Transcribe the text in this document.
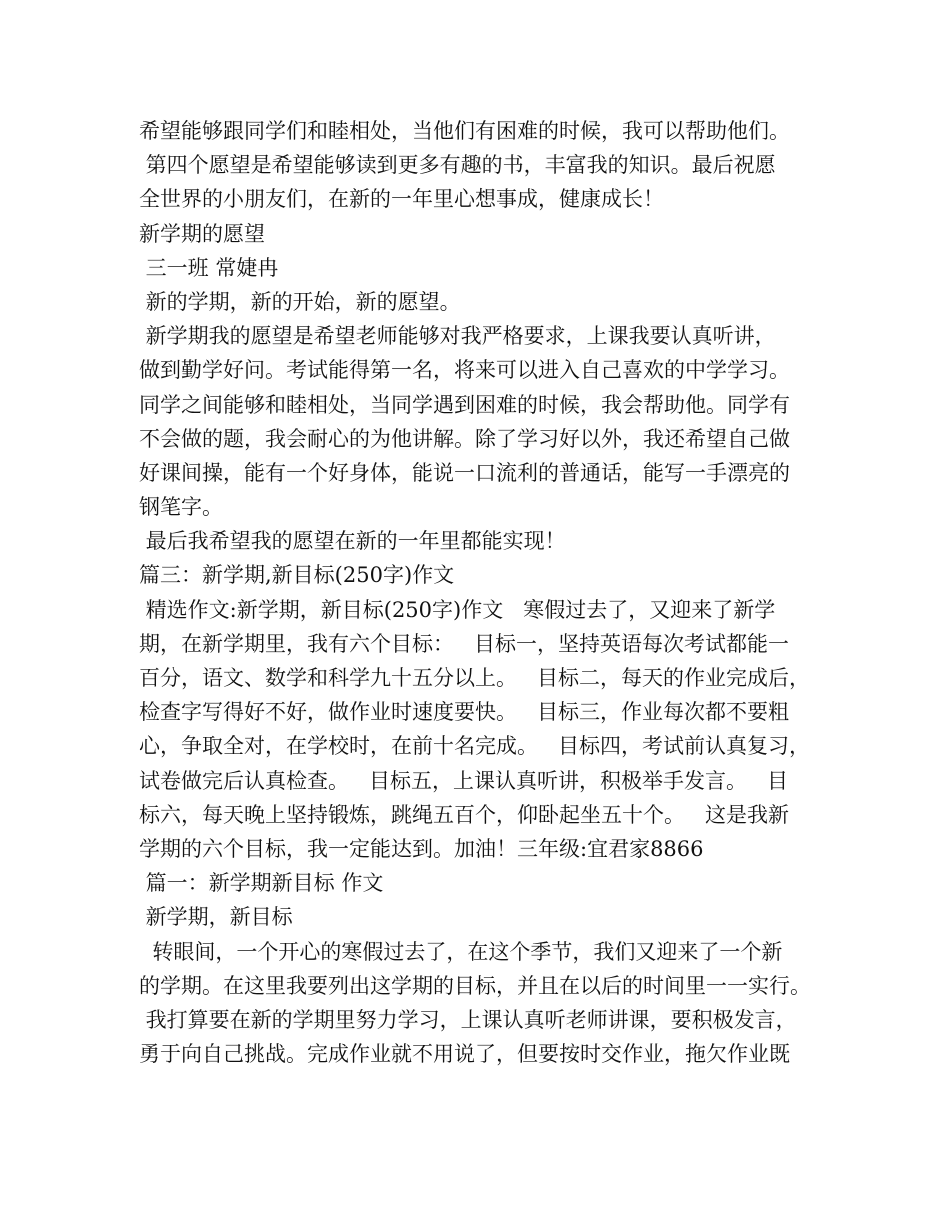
希望能够跟同学们和睦相处，当他们有困难的时候，我可以帮助他们。
第四个愿望是希望能够读到更多有趣的书，丰富我的知识。最后祝愿
全世界的小朋友们，在新的一年里心想事成，健康成长！
新学期的愿望
三一班 常婕冉
新的学期，新的开始，新的愿望。
新学期我的愿望是希望老师能够对我严格要求，上课我要认真听讲，
做到勤学好问。考试能得第一名，将来可以进入自己喜欢的中学学习。
同学之间能够和睦相处，当同学遇到困难的时候，我会帮助他。同学有
不会做的题，我会耐心的为他讲解。除了学习好以外，我还希望自己做
好课间操，能有一个好身体，能说一口流利的普通话，能写一手漂亮的
钢笔字。
最后我希望我的愿望在新的一年里都能实现！
篇三：新学期,新目标(250字)作文
精选作文:新学期，新目标(250字)作文   寒假过去了，又迎来了新学
期，在新学期里，我有六个目标：   目标一，坚持英语每次考试都能一
百分，语文、数学和科学九十五分以上。   目标二，每天的作业完成后，
检查字写得好不好，做作业时速度要快。   目标三，作业每次都不要粗
心，争取全对，在学校时，在前十名完成。   目标四，考试前认真复习，
试卷做完后认真检查。   目标五，上课认真听讲，积极举手发言。   目
标六，每天晚上坚持锻炼，跳绳五百个，仰卧起坐五十个。   这是我新
学期的六个目标，我一定能达到。加油！三年级:宜君家8866
篇一：新学期新目标 作文
新学期，新目标
转眼间，一个开心的寒假过去了，在这个季节，我们又迎来了一个新
的学期。在这里我要列出这学期的目标，并且在以后的时间里一一实行。
我打算要在新的学期里努力学习，上课认真听老师讲课，要积极发言，
勇于向自己挑战。完成作业就不用说了，但要按时交作业，拖欠作业既
